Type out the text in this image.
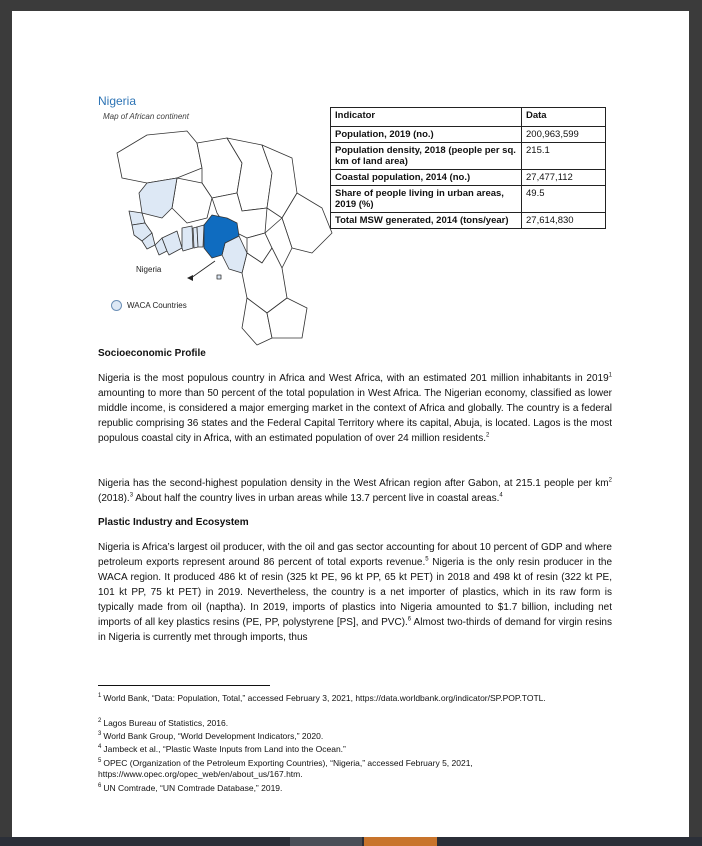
Nigeria
Map of African continent
Nigeria
WACA Countries
Indicator	Data
Population, 2019 (no.)	200,963,599
Population density, 2018 (people per sq. km of land area)	215.1
Coastal population, 2014 (no.)	27,477,112
Share of people living in urban areas, 2019 (%)	49.5
Total MSW generated, 2014 (tons/year)	27,614,830
Socioeconomic Profile
Nigeria is the most populous country in Africa and West Africa, with an estimated 201 million inhabitants in 2019$^1$ amounting to more than 50 percent of the total population in West Africa. The Nigerian economy, classified as lower middle income, is considered a major emerging market in the context of Africa and globally. The country is a federal republic comprising 36 states and the Federal Capital Territory where its capital, Abuja, is located. Lagos is the most populous coastal city in Africa, with an estimated population of over 24 million residents.$^2$
Nigeria has the second-highest population density in the West African region after Gabon, at 215.1 people per $km^2$ (2018).$^3$ About half the country lives in urban areas while 13.7 percent live in coastal areas.$^4$
Plastic Industry and Ecosystem
Nigeria is Africa’s largest oil producer, with the oil and gas sector accounting for about 10 percent of GDP and where petroleum exports represent around 86 percent of total exports revenue.$^5$ Nigeria is the only resin producer in the WACA region. It produced 486 kt of resin (325 kt PE, 96 kt PP, 65 kt PET) in 2018 and 498 kt of resin (322 kt PE, 101 kt PP, 75 kt PET) in 2019. Nevertheless, the country is a net importer of plastics, which in its raw form is typically made from oil (naptha). In 2019, imports of plastics into Nigeria amounted to $1.7 billion, including net imports of all key plastics resins (PE, PP, polystyrene [PS], and PVC).$^6$ Almost two-thirds of demand for virgin resins in Nigeria is currently met through imports, thus
$^1$ World Bank, “Data: Population, Total,” accessed February 3, 2021, https://data.worldbank.org/indicator/SP.POP.TOTL.
$^2$ Lagos Bureau of Statistics, 2016.
$^3$ World Bank Group, “World Development Indicators,” 2020.
$^4$ Jambeck et al., “Plastic Waste Inputs from Land into the Ocean.”
$^5$ OPEC (Organization of the Petroleum Exporting Countries), “Nigeria,” accessed February 5, 2021, https://www.opec.org/opec_web/en/about_us/167.htm.
$^6$ UN Comtrade, “UN Comtrade Database,” 2019.
